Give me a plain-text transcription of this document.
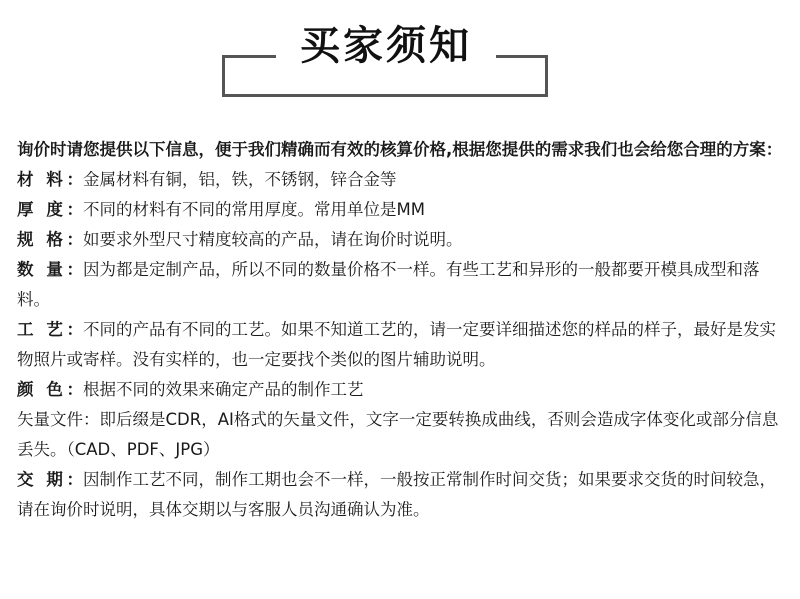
买家须知

询价时请您提供以下信息，便于我们精确而有效的核算价格,根据您提供的需求我们也会给您合理的方案：

材 料：金属材料有铜，铝，铁，不锈钢，锌合金等

厚 度：不同的材料有不同的常用厚度。常用单位是MM

规 格：如要求外型尺寸精度较高的产品，请在询价时说明。

数 量：因为都是定制产品，所以不同的数量价格不一样。有些工艺和异形的一般都要开模具成型和落料。

工 艺：不同的产品有不同的工艺。如果不知道工艺的，请一定要详细描述您的样品的样子，最好是发实物照片或寄样。没有实样的，也一定要找个类似的图片辅助说明。

颜 色：根据不同的效果来确定产品的制作工艺

矢量文件：即后缀是CDR，AI格式的矢量文件，文字一定要转换成曲线，否则会造成字体变化或部分信息丢失。（CAD、PDF、JPG）

交 期：因制作工艺不同，制作工期也会不一样，一般按正常制作时间交货；如果要求交货的时间较急，请在询价时说明，具体交期以与客服人员沟通确认为准。
